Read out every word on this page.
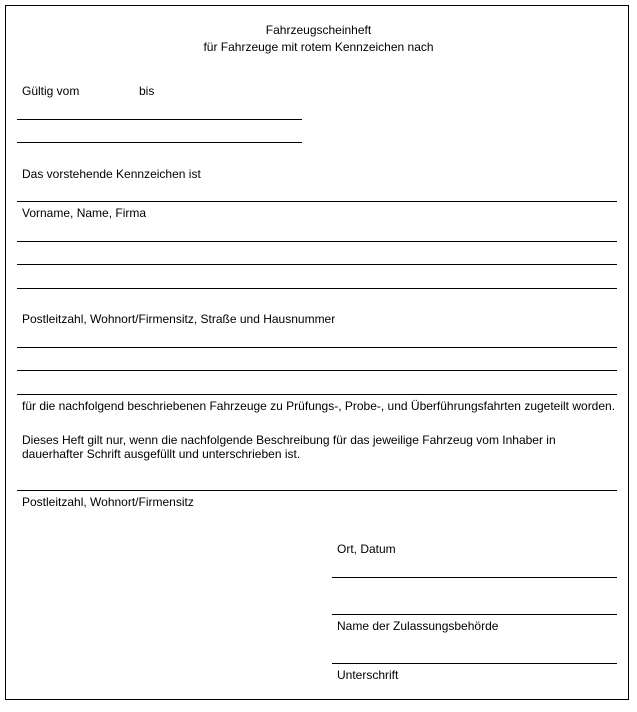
Fahrzeugscheinheft
für Fahrzeuge mit rotem Kennzeichen nach
Gültig vom	bis
Das vorstehende Kennzeichen ist
Vorname, Name, Firma
Postleitzahl, Wohnort/Firmensitz, Straße und Hausnummer
für die nachfolgend beschriebenen Fahrzeuge zu Prüfungs-, Probe-, und Überführungsfahrten zugeteilt worden.
Dieses Heft gilt nur, wenn die nachfolgende Beschreibung für das jeweilige Fahrzeug vom Inhaber in dauerhafter Schrift ausgefüllt und unterschrieben ist.
Postleitzahl, Wohnort/Firmensitz
Ort, Datum
Name der Zulassungsbehörde
Unterschrift
